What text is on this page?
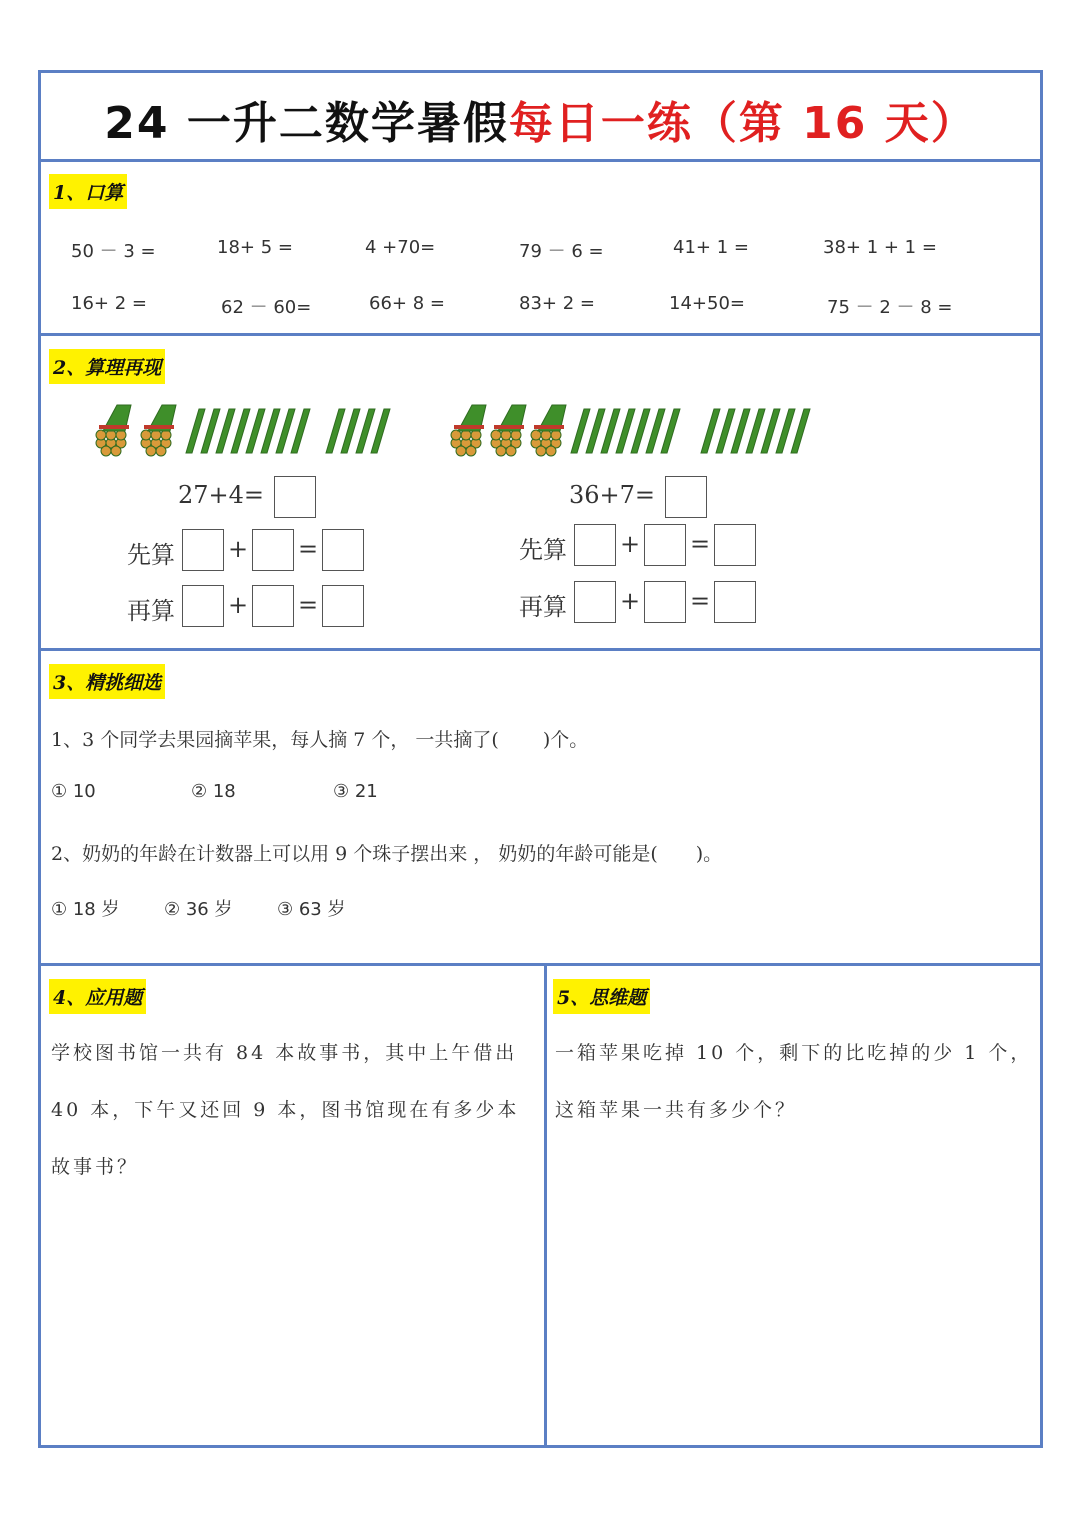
24 一升二数学暑假每日一练（第 16 天）
1、口算
50 － 3 =	18+ 5 =	4 +70=	79 － 6 =	41+ 1 =	38+ 1 + 1 =
16+ 2 =	62 － 60=	66+ 8 =	83+ 2 =	14+50=	75 － 2 － 8 =
2、算理再现
27+4=
先算 + =
再算 + =
36+7=
先算 + =
再算 + =
3、精挑细选
1、3 个同学去果园摘苹果，每人摘 7 个， 一共摘了(　　 )个。
① 10	② 18	③ 21
2、奶奶的年龄在计数器上可以用 9 个珠子摆出来 ， 奶奶的年龄可能是(　　)。
① 18 岁 ② 36 岁 ③ 63 岁
4、应用题
学校图书馆一共有 84 本故事书，其中上午借出 40 本，下午又还回 9 本，图书馆现在有多少本故事书？
5、思维题
一箱苹果吃掉 10 个，剩下的比吃掉的少 1 个，这箱苹果一共有多少个？
